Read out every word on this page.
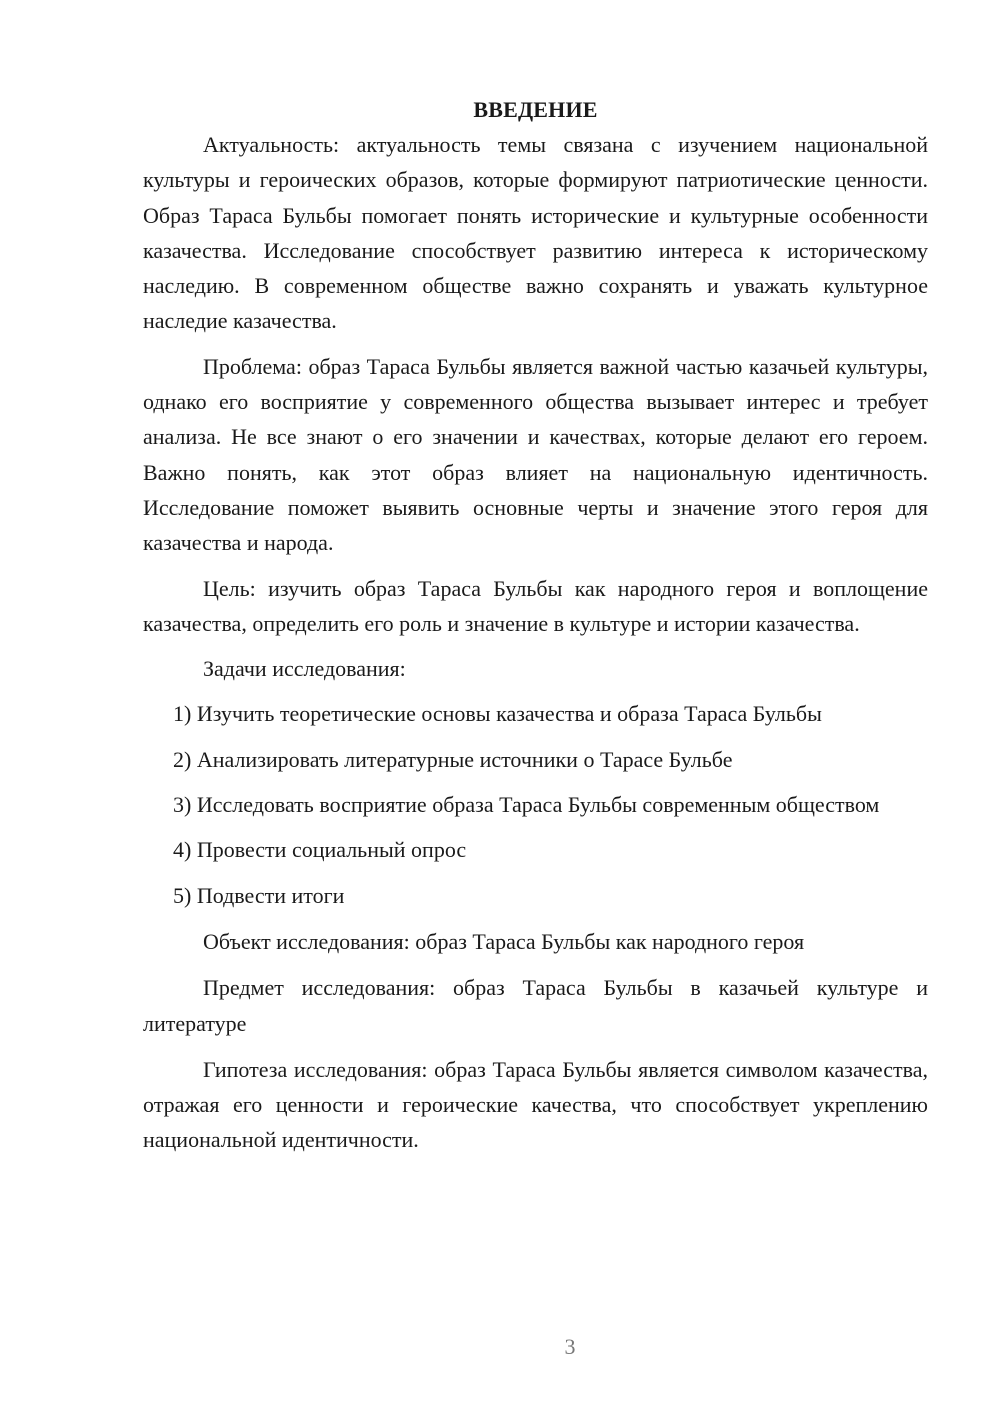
ВВЕДЕНИЕ

Актуальность: актуальность темы связана с изучением национальной культуры и героических образов, которые формируют патриотические ценности. Образ Тараса Бульбы помогает понять исторические и культурные особенности казачества. Исследование способствует развитию интереса к историческому наследию. В современном обществе важно сохранять и уважать культурное наследие казачества.

Проблема: образ Тараса Бульбы является важной частью казачьей культуры, однако его восприятие у современного общества вызывает интерес и требует анализа. Не все знают о его значении и качествах, которые делают его героем. Важно понять, как этот образ влияет на национальную идентичность. Исследование поможет выявить основные черты и значение этого героя для казачества и народа.

Цель: изучить образ Тараса Бульбы как народного героя и воплощение казачества, определить его роль и значение в культуре и истории казачества.

Задачи исследования:

1) Изучить теоретические основы казачества и образа Тараса Бульбы

2) Анализировать литературные источники о Тарасе Бульбе

3) Исследовать восприятие образа Тараса Бульбы современным обществом

4) Провести социальный опрос

5) Подвести итоги

Объект исследования: образ Тараса Бульбы как народного героя

Предмет исследования: образ Тараса Бульбы в казачьей культуре и литературе

Гипотеза исследования: образ Тараса Бульбы является символом казачества, отражая его ценности и героические качества, что способствует укреплению национальной идентичности.

3
